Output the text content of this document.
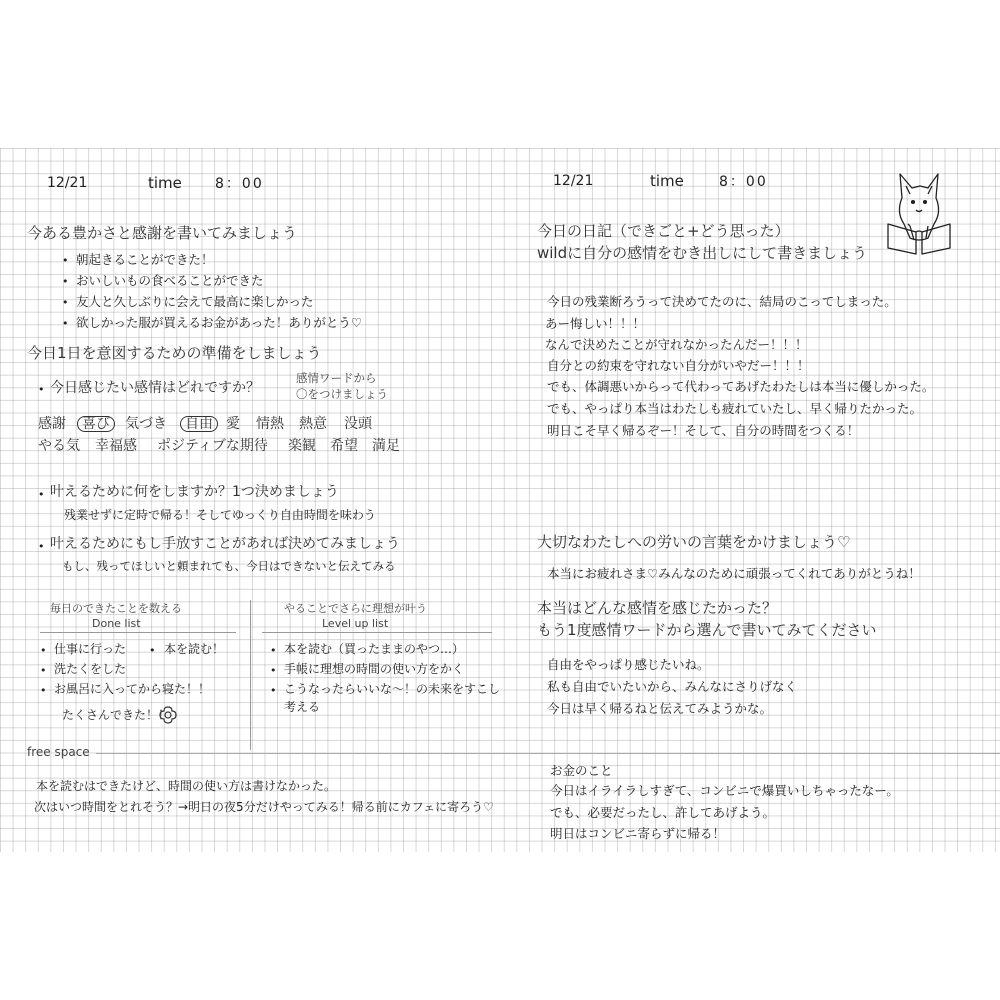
12/21	time 8：00
今ある豊かさと感謝を書いてみましょう
• 朝起きることができた！
• おいしいもの食べることができた
• 友人と久しぶりに会えて最高に楽しかった
• 欲しかった服が買えるお金があった！ありがとう♡
今日1日を意図するための準備をしましょう
• 今日感じたい感情はどれですか？
感情ワードから
〇をつけましょう
感謝	喜び	気づき	自由 愛 情熱 熱意 没頭
やる気 幸福感 ポジティブな期待 楽観 希望 満足
• 叶えるために何をしますか？1つ決めましょう
残業せずに定時で帰る！そしてゆっくり自由時間を味わう
• 叶えるためにもし手放すことがあれば決めてみましょう
もし、残ってほしいと頼まれても、今日はできないと伝えてみる
毎日のできたことを数える
Done list
• 仕事に行った • 本を読む！
• 洗たくをした
• お風呂に入ってから寝た！！
たくさんできた！！
やることでさらに理想が叶う
Level up list
• 本を読む（買ったままのやつ…）
• 手帳に理想の時間の使い方をかく
• こうなったらいいな～！の未来をすこし
考える
free space
本を読むはできたけど、時間の使い方は書けなかった。
次はいつ時間をとれそう？→明日の夜5分だけやってみる！帰る前にカフェに寄ろう♡
12/21	time	8：00
今日の日記（できごと+どう思った）
wildに自分の感情をむき出しにして書きましょう
今日の残業断ろうって決めてたのに、結局のこってしまった。
あー悔しい！！！
なんで決めたことが守れなかったんだー！！！
自分との約束を守れない自分がいやだー！！！
でも、体調悪いからって代わってあげたわたしは本当に優しかった。
でも、やっぱり本当はわたしも疲れていたし、早く帰りたかった。
明日こそ早く帰るぞー！そして、自分の時間をつくる！
大切なわたしへの労いの言葉をかけましょう♡
本当にお疲れさま♡みんなのために頑張ってくれてありがとうね！
本当はどんな感情を感じたかった？
もう1度感情ワードから選んで書いてみてください
自由をやっぱり感じたいね。
私も自由でいたいから、みんなにさりげなく
今日は早く帰るねと伝えてみようかな。
お金のこと
今日はイライラしすぎて、コンビニで爆買いしちゃったなー。
でも、必要だったし、許してあげよう。
明日はコンビニ寄らずに帰る！
